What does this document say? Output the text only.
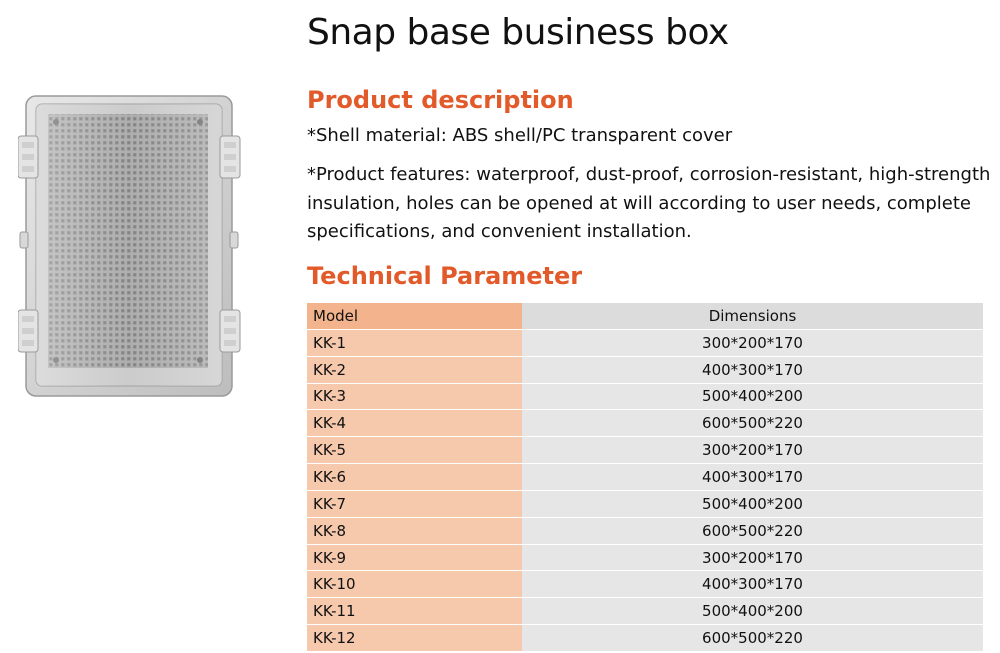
Snap base business box
Product description

*Shell material: ABS shell/PC transparent cover

*Product features: waterproof, dust-proof, corrosion-resistant, high-strength insulation, holes can be opened at will according to user needs, complete specifications, and convenient installation.

Technical Parameter
Model	Dimensions
KK-1	300*200*170
KK-2	400*300*170
KK-3	500*400*200
KK-4	600*500*220
KK-5	300*200*170
KK-6	400*300*170
KK-7	500*400*200
KK-8	600*500*220
KK-9	300*200*170
KK-10	400*300*170
KK-11	500*400*200
KK-12	600*500*220
